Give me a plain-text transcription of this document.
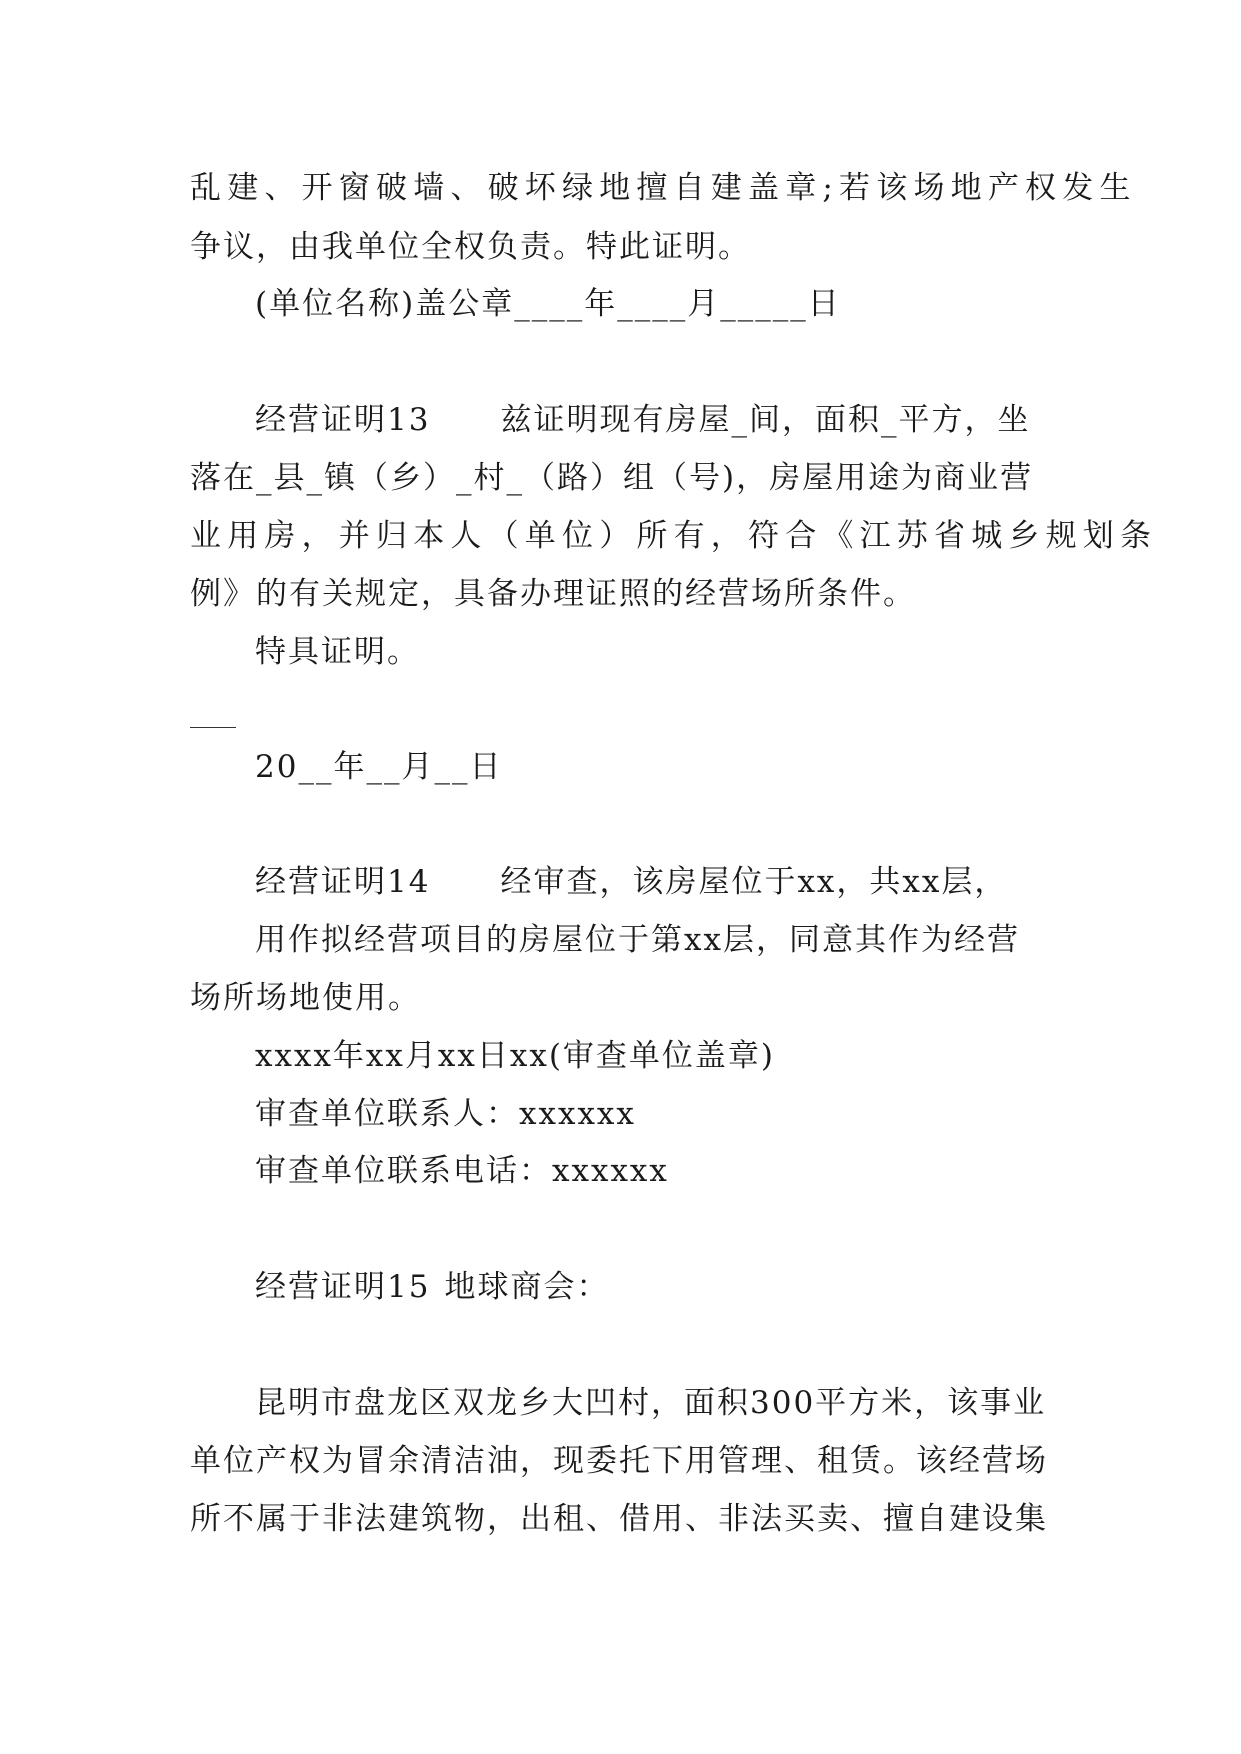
乱建、开窗破墙、破坏绿地擅自建盖章;若该场地产权发生
争议，由我单位全权负责。特此证明。
(单位名称)盖公章____年____月_____日
经营证明13 兹证明现有房屋_间，面积_平方，坐
落在_县_镇（乡）_村_（路）组（号)，房屋用途为商业营
业用房，并归本人（单位）所有，符合《江苏省城乡规划条
例》的有关规定，具备办理证照的经营场所条件。
特具证明。
20__年__月__日
经营证明14 经审查，该房屋位于xx，共xx层，
用作拟经营项目的房屋位于第xx层，同意其作为经营
场所场地使用。
xxxx年xx月xx日xx(审查单位盖章)
审查单位联系人：xxxxxx
审查单位联系电话：xxxxxx
经营证明15 地球商会：
昆明市盘龙区双龙乡大凹村，面积300平方米，该事业
单位产权为冒余清洁油，现委托下用管理、租赁。该经营场
所不属于非法建筑物，出租、借用、非法买卖、擅自建设集
